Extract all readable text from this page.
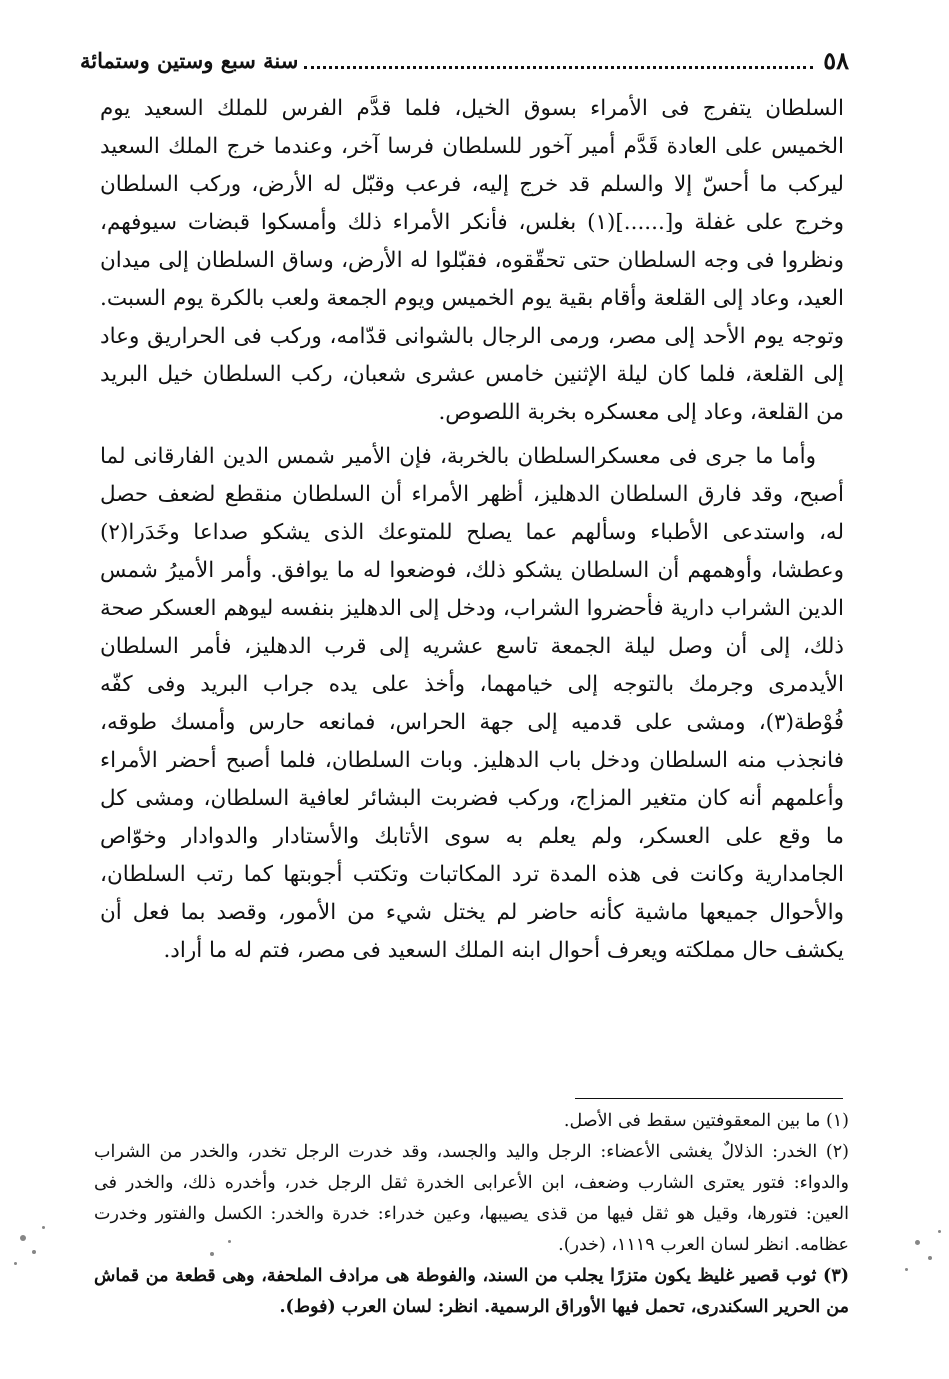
٥٨
سنة سبع وستين وستمائة

السلطان يتفرج فى الأمراء بسوق الخيل، فلما قدَّم الفرس للملك السعيد يوم الخميس على العادة قَدَّم أمير آخور للسلطان فرسا آخر، وعندما خرج الملك السعيد ليركب ما أحسّ إلا والسلم قد خرج إليه، فرعب وقبّل له الأرض، وركب السلطان وخرج على غفلة و[......](١) بغلس، فأنكر الأمراء ذلك وأمسكوا قبضات سيوفهم، ونظروا فى وجه السلطان حتى تحقّقوه، فقبّلوا له الأرض، وساق السلطان إلى ميدان العيد، وعاد إلى القلعة وأقام بقية يوم الخميس ويوم الجمعة ولعب بالكرة يوم السبت. وتوجه يوم الأحد إلى مصر، ورمى الرجال بالشوانى قدّامه، وركب فى الحراريق وعاد إلى القلعة، فلما كان ليلة الإثنين خامس عشرى شعبان، ركب السلطان خيل البريد من القلعة، وعاد إلى معسكره بخربة اللصوص.

وأما ما جرى فى معسكرالسلطان بالخربة، فإن الأمير شمس الدين الفارقانى لما أصبح، وقد فارق السلطان الدهليز، أظهر الأمراء أن السلطان منقطع لضعف حصل له، واستدعى الأطباء وسألهم عما يصلح للمتوعك الذى يشكو صداعا وخَدَرا(٢) وعطشا، وأوهمهم أن السلطان يشكو ذلك، فوضعوا له ما يوافق. وأمر الأميرُ شمس الدين الشراب دارية فأحضروا الشراب، ودخل إلى الدهليز بنفسه ليوهم العسكر صحة ذلك، إلى أن وصل ليلة الجمعة تاسع عشريه إلى قرب الدهليز، فأمر السلطان الأيدمرى وجرمك بالتوجه إلى خيامهما، وأخذ على يده جراب البريد وفى كفّه فُوْطة(٣)، ومشى على قدميه إلى جهة الحراس، فمانعه حارس وأمسك طوقه، فانجذب منه السلطان ودخل باب الدهليز. وبات السلطان، فلما أصبح أحضر الأمراء وأعلمهم أنه كان متغير المزاج، وركب فضربت البشائر لعافية السلطان، ومشى كل ما وقع على العسكر، ولم يعلم به سوى الأتابك والأستادار والدوادار وخوّاص الجامدارية وكانت فى هذه المدة ترد المكاتبات وتكتب أجوبتها كما رتب السلطان، والأحوال جميعها ماشية كأنه حاضر لم يختل شيء من الأمور، وقصد بما فعل أن يكشف حال مملكته ويعرف أحوال ابنه الملك السعيد فى مصر، فتم له ما أراد.

(١) ما بين المعقوفتين سقط فى الأصل.

(٢) الخدر: الذلالٌ يغشى الأعضاء: الرجل واليد والجسد، وقد خدرت الرجل تخدر، والخدر من الشراب والدواء: فتور يعترى الشارب وضعف، ابن الأعرابى الخدرة ثقل الرجل خدر، وأخدره ذلك، والخدر فى العين: فتورها، وقيل هو ثقل فيها من قذى يصيبها، وعين خدراء: خدرة والخدر: الكسل والفتور وخدرت عظامه. انظر لسان العرب ١١١٩، (خدر).

(٣) ثوب قصير غليظ يكون متزرًا يجلب من السند، والفوطة هى مرادف الملحفة، وهى قطعة من قماش من الحرير السكندرى، تحمل فيها الأوراق الرسمية. انظر: لسان العرب (فوط).
